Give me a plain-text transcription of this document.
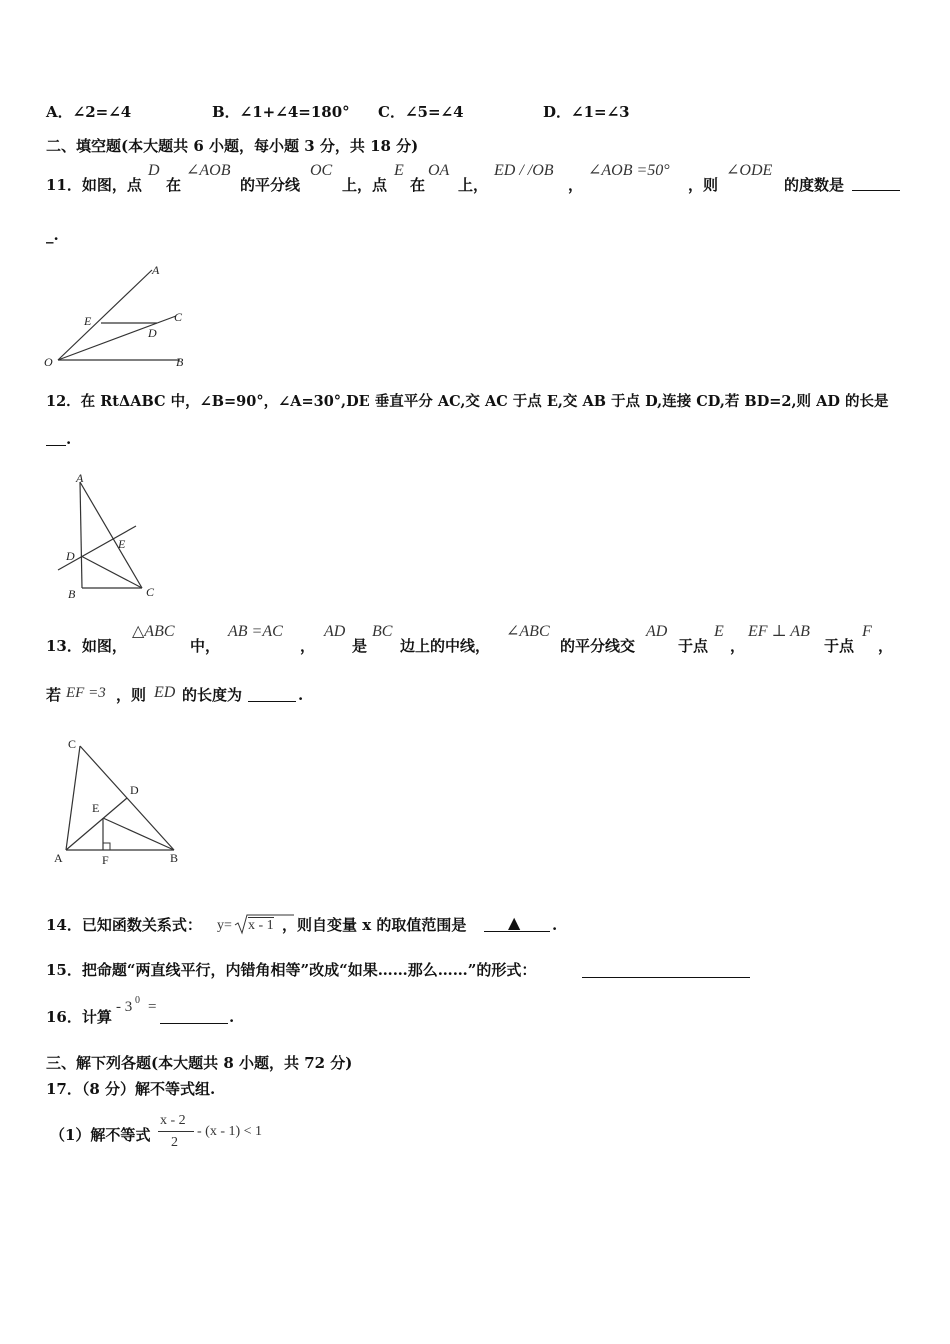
A．∠2=∠4	B．∠1+∠4=180° C．∠5=∠4	D．∠1=∠3
二、填空题(本大题共 6 小题，每小题 3 分，共 18 分)
11．如图，点
D
在
∠AOB
的平分线
OC
上，点
E
在
OA
上，
ED / /OB
，
∠AOB =50°
，则
∠ODE
的度数是
_.
A
C
E
D
O	B
12．在 RtΔABC 中，∠B=90°，∠A=30°,DE 垂直平分 AC,交 AC 于点 E,交 AB 于点 D,连接 CD,若 BD=2,则 AD 的长是
.
A
D
E
B	C
13．如图，
△ABC
中，
AB =AC
，
AD
是
BC
边上的中线，
∠ABC
的平分线交
AD
于点
E
，
EF ⊥ AB
于点
F
，
若 EF =3 ，则 ED 的长度为	.
C
D
E
A	F	B
14．已知函数关系式： y= x - 1 ，则自变量 x 的取值范围是	▲ .
15．把命题“两直线平行，内错角相等”改成“如果……那么……”的形式：
16．计算
- 3 0 =
.
三、解下列各题(本大题共 8 小题，共 72 分)
17．（8 分）解不等式组.
（1）解不等式
x - 2
2
- (x - 1) < 1
